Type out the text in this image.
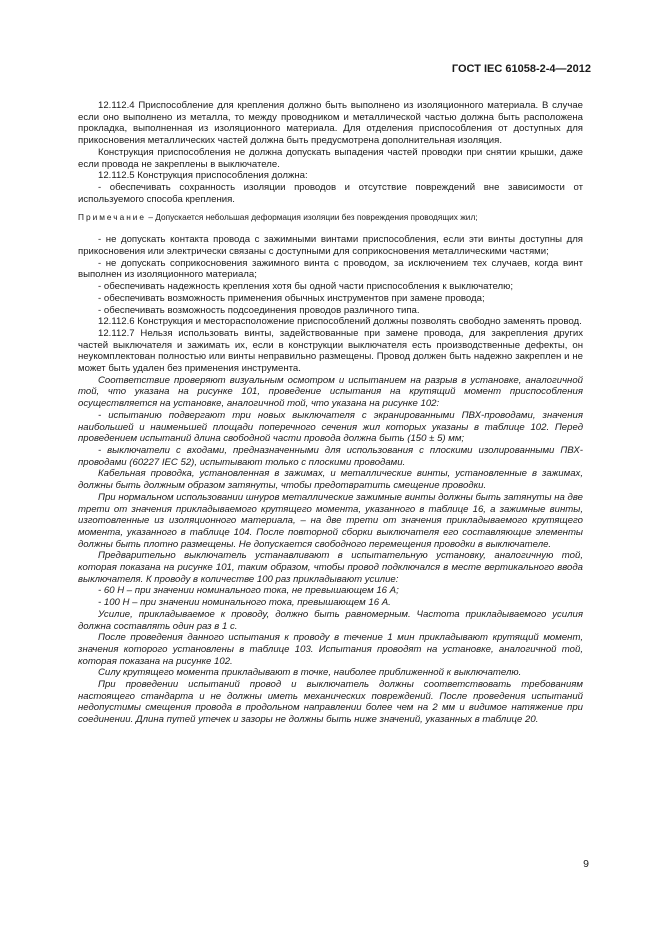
ГОСТ IEC 61058-2-4—2012

12.112.4 Приспособление для крепления должно быть выполнено из изоляционного материала. В случае если оно выполнено из металла, то между проводником и металлической частью должна быть расположена прокладка, выполненная из изоляционного материала. Для отделения приспособления от доступных для прикосновения металлических частей должна быть предусмотрена дополнительная изоляция.

Конструкция приспособления не должна допускать выпадения частей проводки при снятии крышки, даже если провода не закреплены в выключателе.

12.112.5 Конструкция приспособления должна:

- обеспечивать сохранность изоляции проводов и отсутствие повреждений вне зависимости от используемого способа крепления.

Примечание – Допускается небольшая деформация изоляции без повреждения проводящих жил;

- не допускать контакта провода с зажимными винтами приспособления, если эти винты доступны для прикосновения или электрически связаны с доступными для соприкосновения металлическими частями;

- не допускать соприкосновения зажимного винта с проводом, за исключением тех случаев, когда винт выполнен из изоляционного материала;

- обеспечивать надежность крепления хотя бы одной части приспособления к выключателю;

- обеспечивать возможность применения обычных инструментов при замене провода;

- обеспечивать возможность подсоединения проводов различного типа.

12.112.6 Конструкция и месторасположение приспособлений должны позволять свободно заменять провод.

12.112.7 Нельзя использовать винты, задействованные при замене провода, для закрепления других частей выключателя и зажимать их, если в конструкции выключателя есть производственные дефекты, он неукомплектован полностью или винты неправильно размещены. Провод должен быть надежно закреплен и не может быть удален без применения инструмента.

Соответствие проверяют визуальным осмотром и испытанием на разрыв в установке, аналогичной той, что указана на рисунке 101, проведение испытания на крутящий момент приспособления осуществляется на установке, аналогичной той, что указана на рисунке 102:

- испытанию подвергают три новых выключателя с экранированными ПВХ-проводами, значения наибольшей и наименьшей площади поперечного сечения жил которых указаны в таблице 102. Перед проведением испытаний длина свободной части провода должна быть (150 ± 5) мм;

- выключатели с входами, предназначенными для использования с плоскими изолированными ПВХ-проводами (60227 IEC 52), испытывают только с плоскими проводами.

Кабельная проводка, установленная в зажимах, и металлические винты, установленные в зажимах, должны быть должным образом затянуты, чтобы предотвратить смещение проводки.

При нормальном использовании шнуров металлические зажимные винты должны быть затянуты на две трети от значения прикладываемого крутящего момента, указанного в таблице 16, а зажимные винты, изготовленные из изоляционного материала, – на две трети от значения прикладываемого крутящего момента, указанного в таблице 104. После повторной сборки выключателя его составляющие элементы должны быть плотно размещены. Не допускается свободного перемещения проводки в выключателе.

Предварительно выключатель устанавливают в испытательную установку, аналогичную той, которая показана на рисунке 101, таким образом, чтобы провод подключался в месте вертикального ввода выключателя. К проводу в количестве 100 раз прикладывают усилие:

- 60 Н – при значении номинального тока, не превышающем 16 А;

- 100 Н – при значении номинального тока, превышающем 16 А.

Усилие, прикладываемое к проводу, должно быть равномерным. Частота прикладываемого усилия должна составлять один раз в 1 с.

После проведения данного испытания к проводу в течение 1 мин прикладывают крутящий момент, значения которого установлены в таблице 103. Испытания проводят на установке, аналогичной той, которая показана на рисунке 102.

Силу крутящего момента прикладывают в точке, наиболее приближенной к выключателю.

При проведении испытаний провод и выключатель должны соответствовать требованиям настоящего стандарта и не должны иметь механических повреждений. После проведения испытаний недопустимы смещения провода в продольном направлении более чем на 2 мм и видимое натяжение при соединении. Длина путей утечек и зазоры не должны быть ниже значений, указанных в таблице 20.

9
